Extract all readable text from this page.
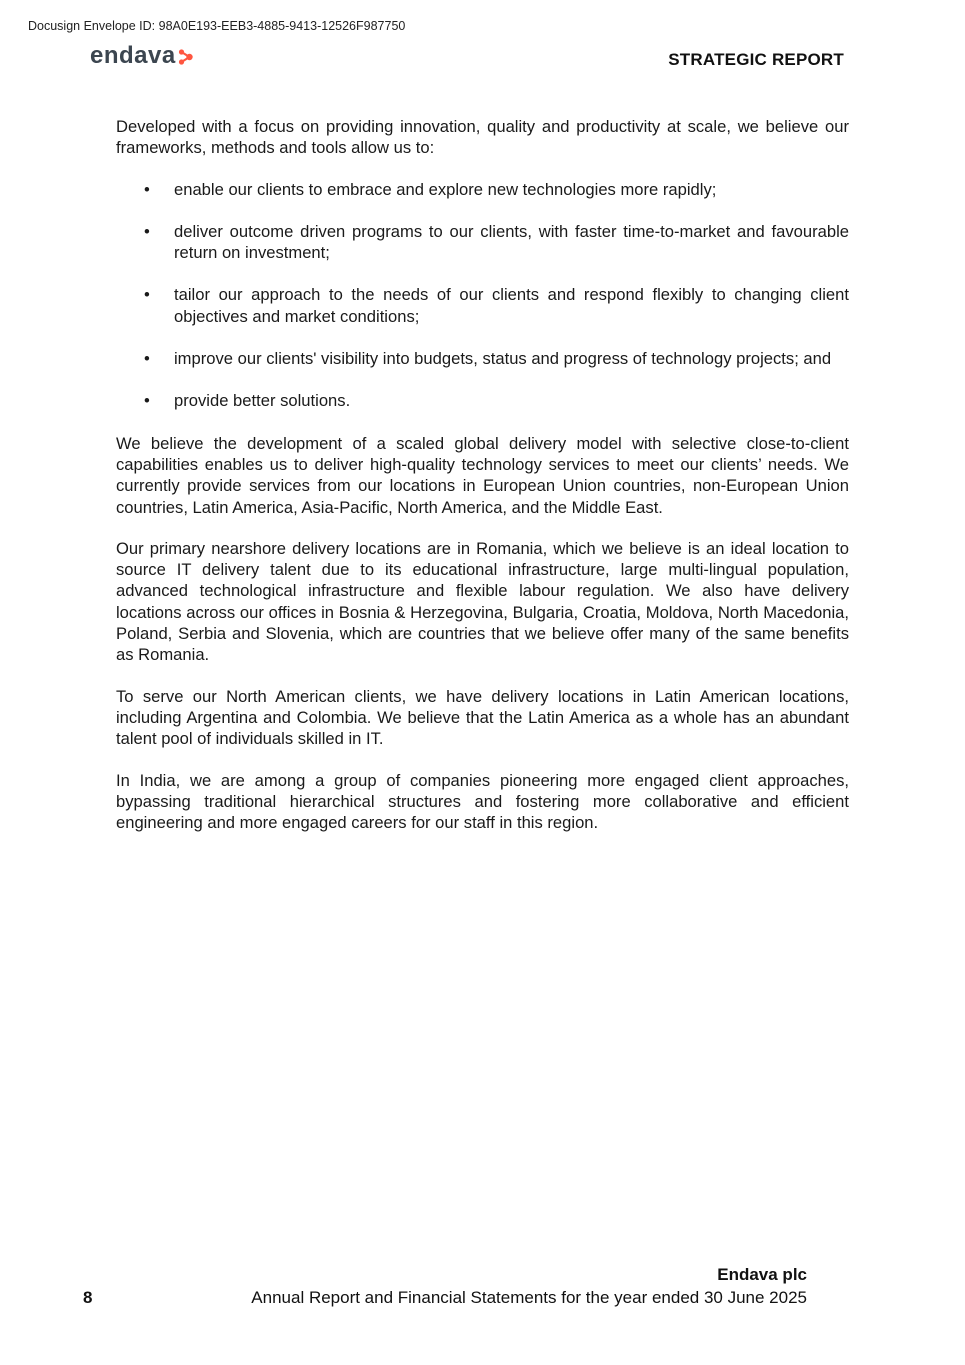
Docusign Envelope ID: 98A0E193-EEB3-4885-9413-12526F987750
endava	STRATEGIC REPORT

Developed with a focus on providing innovation, quality and productivity at scale, we believe our frameworks, methods and tools allow us to:

• enable our clients to embrace and explore new technologies more rapidly;
• deliver outcome driven programs to our clients, with faster time-to-market and favourable return on investment;
• tailor our approach to the needs of our clients and respond flexibly to changing client objectives and market conditions;
• improve our clients' visibility into budgets, status and progress of technology projects; and
• provide better solutions.

We believe the development of a scaled global delivery model with selective close-to-client capabilities enables us to deliver high-quality technology services to meet our clients’ needs. We currently provide services from our locations in European Union countries, non-European Union countries, Latin America, Asia-Pacific, North America, and the Middle East.

Our primary nearshore delivery locations are in Romania, which we believe is an ideal location to source IT delivery talent due to its educational infrastructure, large multi-lingual population, advanced technological infrastructure and flexible labour regulation. We also have delivery locations across our offices in Bosnia & Herzegovina, Bulgaria, Croatia, Moldova, North Macedonia, Poland, Serbia and Slovenia, which are countries that we believe offer many of the same benefits as Romania.

To serve our North American clients, we have delivery locations in Latin American locations, including Argentina and Colombia. We believe that the Latin America as a whole has an abundant talent pool of individuals skilled in IT.

In India, we are among a group of companies pioneering more engaged client approaches, bypassing traditional hierarchical structures and fostering more collaborative and efficient engineering and more engaged careers for our staff in this region.

Endava plc
8	Annual Report and Financial Statements for the year ended 30 June 2025
